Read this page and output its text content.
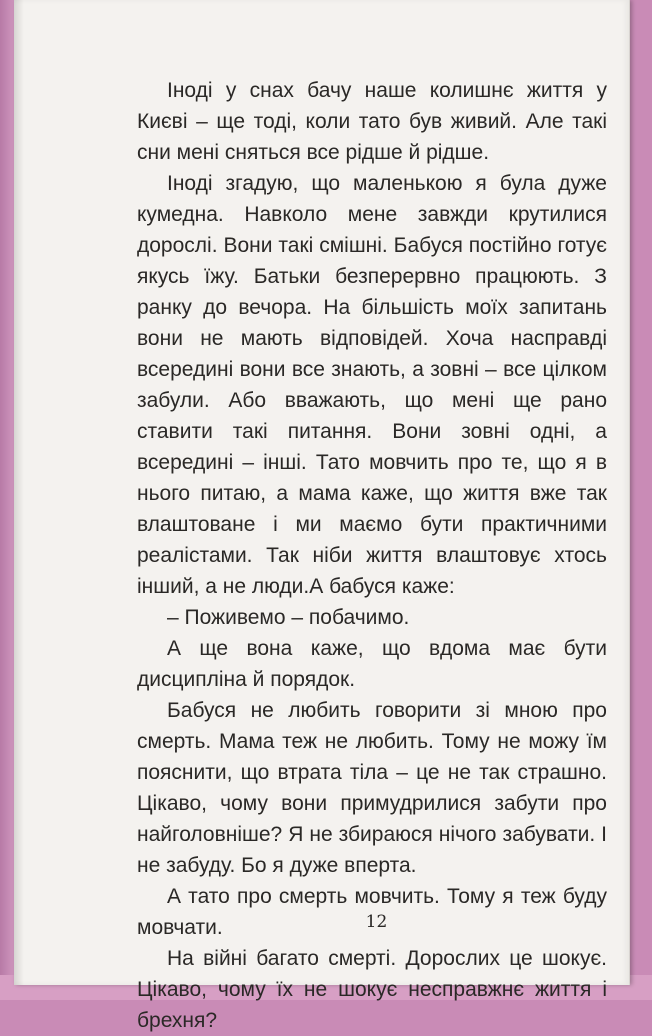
Іноді у снах бачу наше колишнє життя у Києві – ще тоді, коли тато був живий. Але такі сни мені сняться все рідше й рідше.

Іноді згадую, що маленькою я була дуже кумедна. Навколо мене завжди крутилися дорослі. Вони такі смішні. Бабуся постійно готує якусь їжу. Батьки безперервно працюють. З ранку до вечора. На більшість моїх запитань вони не мають відповідей. Хоча насправді всередині вони все знають, а зовні – все цілком забули. Або вважають, що мені ще рано ставити такі питання. Вони зовні одні, а всередині – інші. Тато мовчить про те, що я в нього питаю, а мама каже, що життя вже так влаштоване і ми маємо бути практичними реалістами. Так ніби життя влаштовує хтось інший, а не люди.А бабуся каже:

– Поживемо – побачимо.

А ще вона каже, що вдома має бути дисципліна й порядок.

Бабуся не любить говорити зі мною про смерть. Мама теж не любить. Тому не можу їм пояснити, що втрата тіла – це не так страшно. Цікаво, чому вони примудрилися забути про найголовніше? Я не збираюся нічого забувати. І не забуду. Бо я дуже вперта.

А тато про смерть мовчить. Тому я теж буду мовчати.

На війні багато смерті. Дорослих це шокує. Цікаво, чому їх не шокує несправжнє життя і брехня?

12
